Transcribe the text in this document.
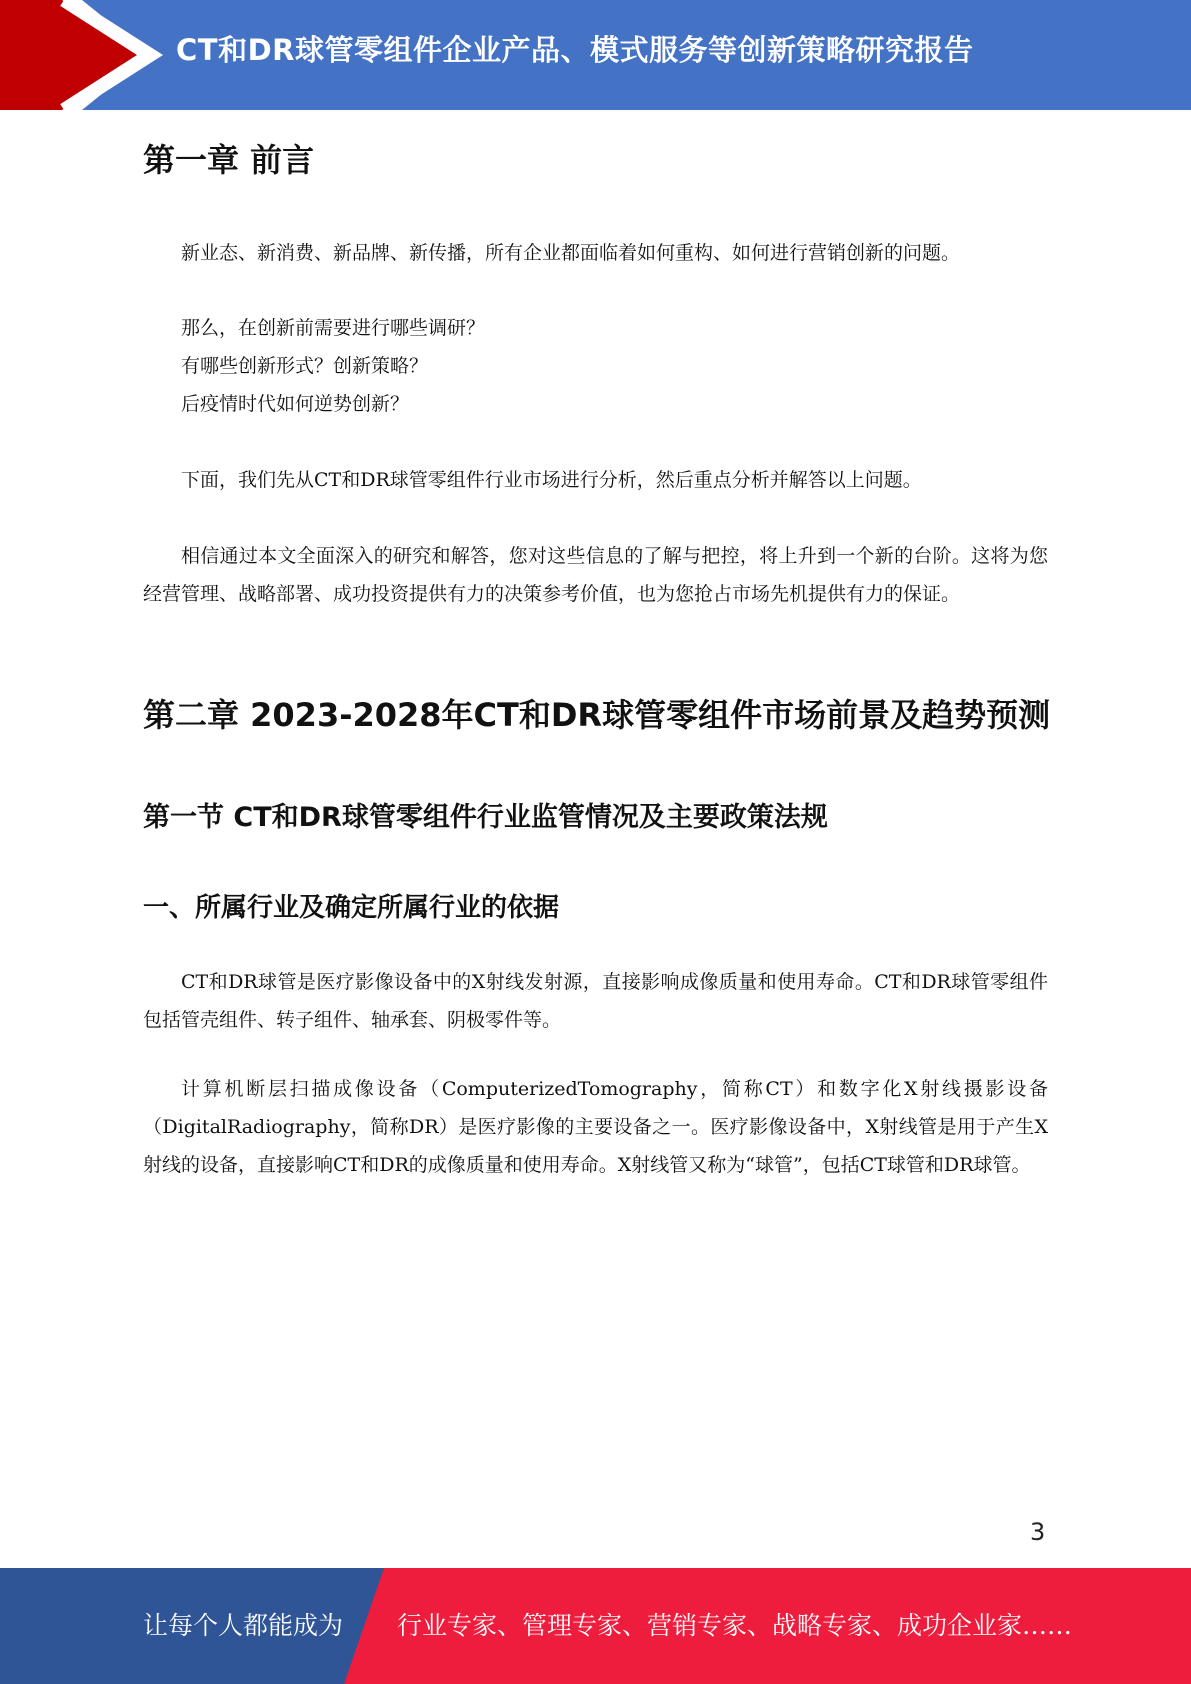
CT和DR球管零组件企业产品、模式服务等创新策略研究报告
第一章 前言

新业态、新消费、新品牌、新传播，所有企业都面临着如何重构、如何进行营销创新的问题。

那么，在创新前需要进行哪些调研？

有哪些创新形式？创新策略？

后疫情时代如何逆势创新？

下面，我们先从CT和DR球管零组件行业市场进行分析，然后重点分析并解答以上问题。

相信通过本文全面深入的研究和解答，您对这些信息的了解与把控，将上升到一个新的台阶。这将为您经营管理、战略部署、成功投资提供有力的决策参考价值，也为您抢占市场先机提供有力的保证。

第二章 2023-2028年CT和DR球管零组件市场前景及趋势预测
第一节 CT和DR球管零组件行业监管情况及主要政策法规
一、所属行业及确定所属行业的依据

CT和DR球管是医疗影像设备中的X射线发射源，直接影响成像质量和使用寿命。CT和DR球管零组件包括管壳组件、转子组件、轴承套、阴极零件等。

计算机断层扫描成像设备（ComputerizedTomography，简称CT）和数字化X射线摄影设备（DigitalRadiography，简称DR）是医疗影像的主要设备之一。医疗影像设备中，X射线管是用于产生X射线的设备，直接影响CT和DR的成像质量和使用寿命。X射线管又称为“球管”，包括CT球管和DR球管。

3
让每个人都能成为 行业专家、管理专家、营销专家、战略专家、成功企业家……
